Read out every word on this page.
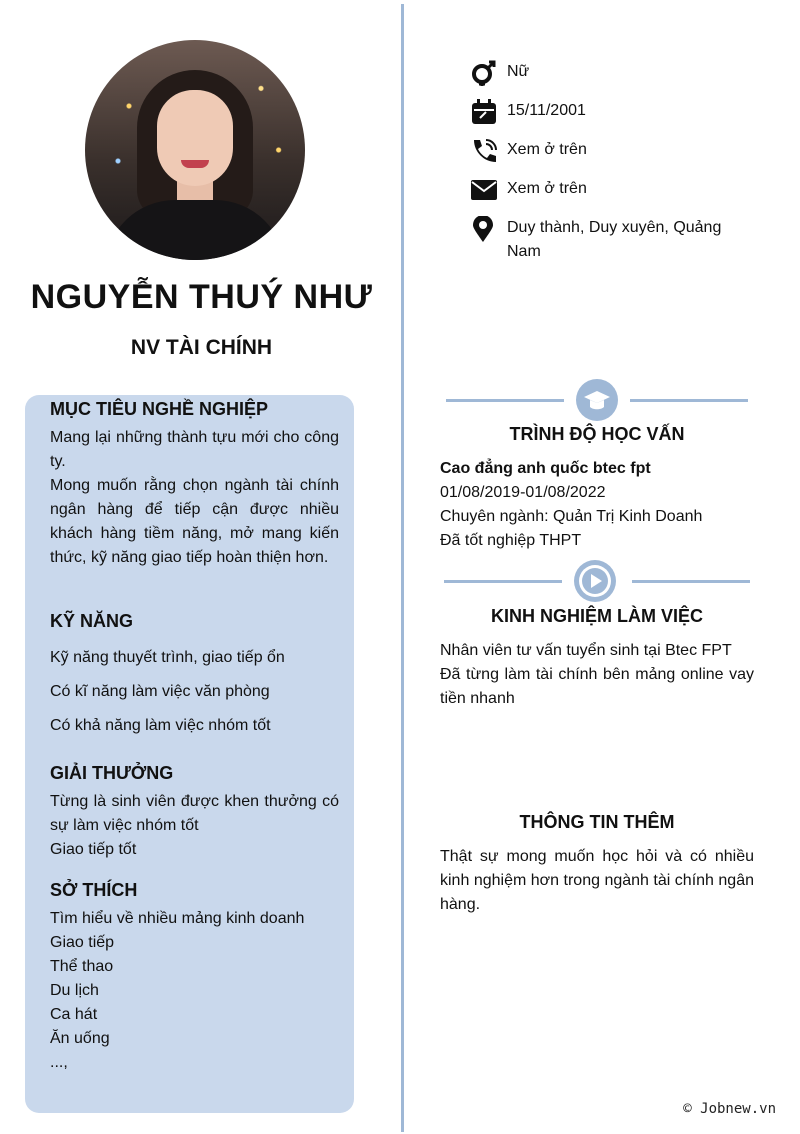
NGUYỄN THUÝ NHƯ
NV TÀI CHÍNH
MỤC TIÊU NGHỀ NGHIỆP

Mang lại những thành tựu mới cho công ty.

Mong muốn rằng chọn ngành tài chính ngân hàng để tiếp cận được nhiều khách hàng tiềm năng, mở mang kiến thức, kỹ năng giao tiếp hoàn thiện hơn.

KỸ NĂNG

Kỹ năng thuyết trình, giao tiếp ổn

Có kĩ năng làm việc văn phòng

Có khả năng làm việc nhóm tốt

GIẢI THƯỞNG

Từng là sinh viên được khen thưởng có sự làm việc nhóm tốt

Giao tiếp tốt

SỞ THÍCH

Tìm hiểu về nhiều mảng kinh doanh

Giao tiếp

Thể thao

Du lịch

Ca hát

Ăn uống

...,

Nữ
15/11/2001
Xem ở trên
Xem ở trên
Duy thành, Duy xuyên, Quảng Nam
TRÌNH ĐỘ HỌC VẤN

Cao đẳng anh quốc btec fpt

01/08/2019-01/08/2022

Chuyên ngành: Quản Trị Kinh Doanh

Đã tốt nghiệp THPT

KINH NGHIỆM LÀM VIỆC

Nhân viên tư vấn tuyển sinh tại Btec FPT

Đã từng làm tài chính bên mảng online vay tiền nhanh

THÔNG TIN THÊM

Thật sự mong muốn học hỏi và có nhiều kinh nghiệm hơn trong ngành tài chính ngân hàng.

© Jobnew.vn
